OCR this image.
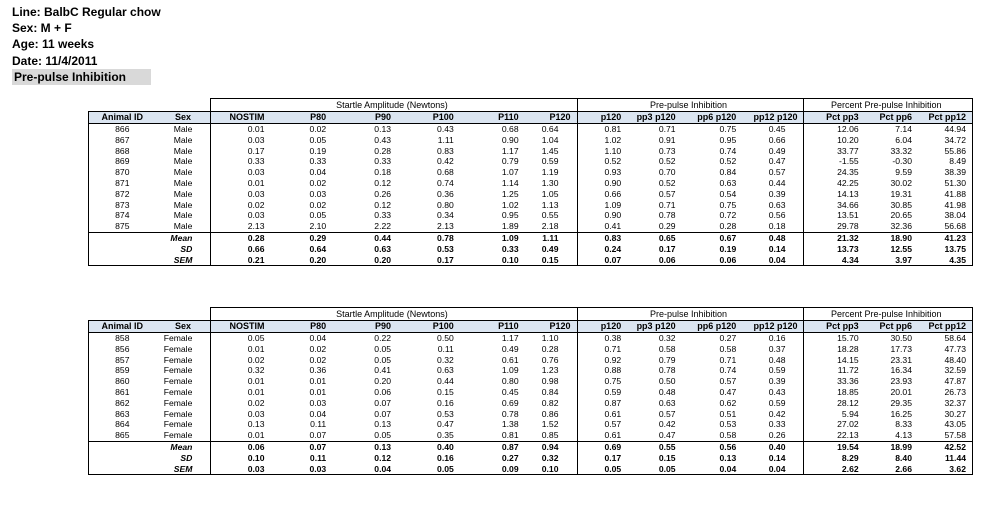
Line: BalbC Regular chow
Sex: M + F
Age: 11 weeks
Date: 11/4/2011
Pre-pulse Inhibition
		Startle Amplitude (Newtons)						Pre-pulse Inhibition				Percent Pre-pulse Inhibition		
Animal ID	Sex	NOSTIM	P80	P90	P100	P110	P120	p120	pp3 p120	pp6 p120	pp12 p120	Pct pp3	Pct pp6	Pct pp12
866	Male	0.01	0.02	0.13	0.43	0.68	0.64	0.81	0.71	0.75	0.45	12.06	7.14	44.94
867	Male	0.03	0.05	0.43	1.11	0.90	1.04	1.02	0.91	0.95	0.66	10.20	6.04	34.72
868	Male	0.17	0.19	0.28	0.83	1.17	1.45	1.10	0.73	0.74	0.49	33.77	33.32	55.86
869	Male	0.33	0.33	0.33	0.42	0.79	0.59	0.52	0.52	0.52	0.47	-1.55	-0.30	8.49
870	Male	0.03	0.04	0.18	0.68	1.07	1.19	0.93	0.70	0.84	0.57	24.35	9.59	38.39
871	Male	0.01	0.02	0.12	0.74	1.14	1.30	0.90	0.52	0.63	0.44	42.25	30.02	51.30
872	Male	0.03	0.03	0.26	0.36	1.25	1.05	0.66	0.57	0.54	0.39	14.13	19.31	41.88
873	Male	0.02	0.02	0.12	0.80	1.02	1.13	1.09	0.71	0.75	0.63	34.66	30.85	41.98
874	Male	0.03	0.05	0.33	0.34	0.95	0.55	0.90	0.78	0.72	0.56	13.51	20.65	38.04
875	Male	2.13	2.10	2.22	2.13	1.89	2.18	0.41	0.29	0.28	0.18	29.78	32.36	56.68
Mean		0.28	0.29	0.44	0.78	1.09	1.11	0.83	0.65	0.67	0.48	21.32	18.90	41.23
SD		0.66	0.64	0.63	0.53	0.33	0.49	0.24	0.17	0.19	0.14	13.73	12.55	13.75
SEM		0.21	0.20	0.20	0.17	0.10	0.15	0.07	0.06	0.06	0.04	4.34	3.97	4.35
		Startle Amplitude (Newtons)						Pre-pulse Inhibition				Percent Pre-pulse Inhibition		
Animal ID	Sex	NOSTIM	P80	P90	P100	P110	P120	p120	pp3 p120	pp6 p120	pp12 p120	Pct pp3	Pct pp6	Pct pp12
858	Female	0.05	0.04	0.22	0.50	1.17	1.10	0.38	0.32	0.27	0.16	15.70	30.50	58.64
856	Female	0.01	0.02	0.05	0.11	0.49	0.28	0.71	0.58	0.58	0.37	18.28	17.73	47.73
857	Female	0.02	0.02	0.05	0.32	0.61	0.76	0.92	0.79	0.71	0.48	14.15	23.31	48.40
859	Female	0.32	0.36	0.41	0.63	1.09	1.23	0.88	0.78	0.74	0.59	11.72	16.34	32.59
860	Female	0.01	0.01	0.20	0.44	0.80	0.98	0.75	0.50	0.57	0.39	33.36	23.93	47.87
861	Female	0.01	0.01	0.06	0.15	0.45	0.84	0.59	0.48	0.47	0.43	18.85	20.01	26.73
862	Female	0.02	0.03	0.07	0.16	0.69	0.82	0.87	0.63	0.62	0.59	28.12	29.35	32.37
863	Female	0.03	0.04	0.07	0.53	0.78	0.86	0.61	0.57	0.51	0.42	5.94	16.25	30.27
864	Female	0.13	0.11	0.13	0.47	1.38	1.52	0.57	0.42	0.53	0.33	27.02	8.33	43.05
865	Female	0.01	0.07	0.05	0.35	0.81	0.85	0.61	0.47	0.58	0.26	22.13	4.13	57.58
Mean		0.06	0.07	0.13	0.40	0.87	0.94	0.69	0.55	0.56	0.40	19.54	18.99	42.52
SD		0.10	0.11	0.12	0.16	0.27	0.32	0.17	0.15	0.13	0.14	8.29	8.40	11.44
SEM		0.03	0.03	0.04	0.05	0.09	0.10	0.05	0.05	0.04	0.04	2.62	2.66	3.62
